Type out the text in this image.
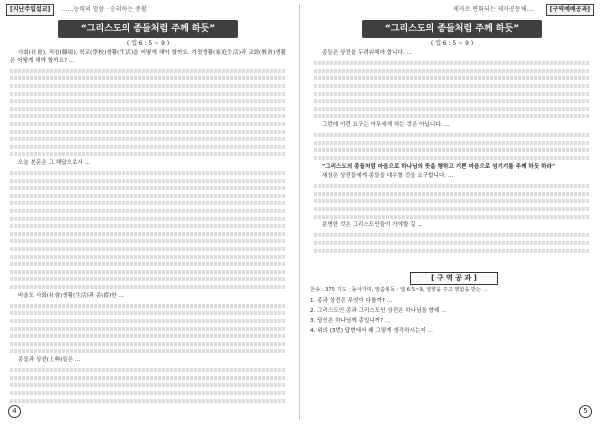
[지난주일설교]	......능력의 말씀 · 승리하는 종활
“그리스도의 종들처럼 주께 하듯”
( 엡 6 : 5 ~ 9 )

사회(社會), 직장(職場), 학교(學校)생활(生活)을 어떻게 해야 할까요. 가정생활(家庭生活)과 교회(敎會)생활은 어떻게 해야 할까요? ...

오늘 본문은 그 해답으로서 ...

바울도 사회(社會)생활(生活)과 종(從)한 ...

종들과 상전(上典)들은 ...

4
제자로 변화되는 제자공동체....	[구역예배공과]
“그리스도의 종들처럼 주께 하듯”
( 엡 6 : 5 ~ 9 )

종들은 상전을 두려워해야 합니다. ...

그런데 이런 요구는 아무에게 하는 것은 아닙니다. ...

“그리스도의 종들처럼 마음으로 하나님의 뜻을 행하고 기쁜 마음으로 섬기기를 주께 하듯 하라”

세상은 상전들에게 종들을 대우할 것을 요구합니다. ...

분명한 것은 그리스도인들이 가야할 길 ...

[ 구 역 공 과 ]
찬송 : 375 기도 : 돌아가며, 말씀봉독 : 엡 6:5~9, 영향을 주고 행함을 받는 ...
1. 종과 상전은 무엇이 다를까? ...
2. 그리스도인 종과 그리스도인 상전은 하나님을 향해 ...
3. 당신은 하나님께 종입니까? ...
4. 위의 (3번) 답변에서 왜 그렇게 생각하시는지 ...
5
